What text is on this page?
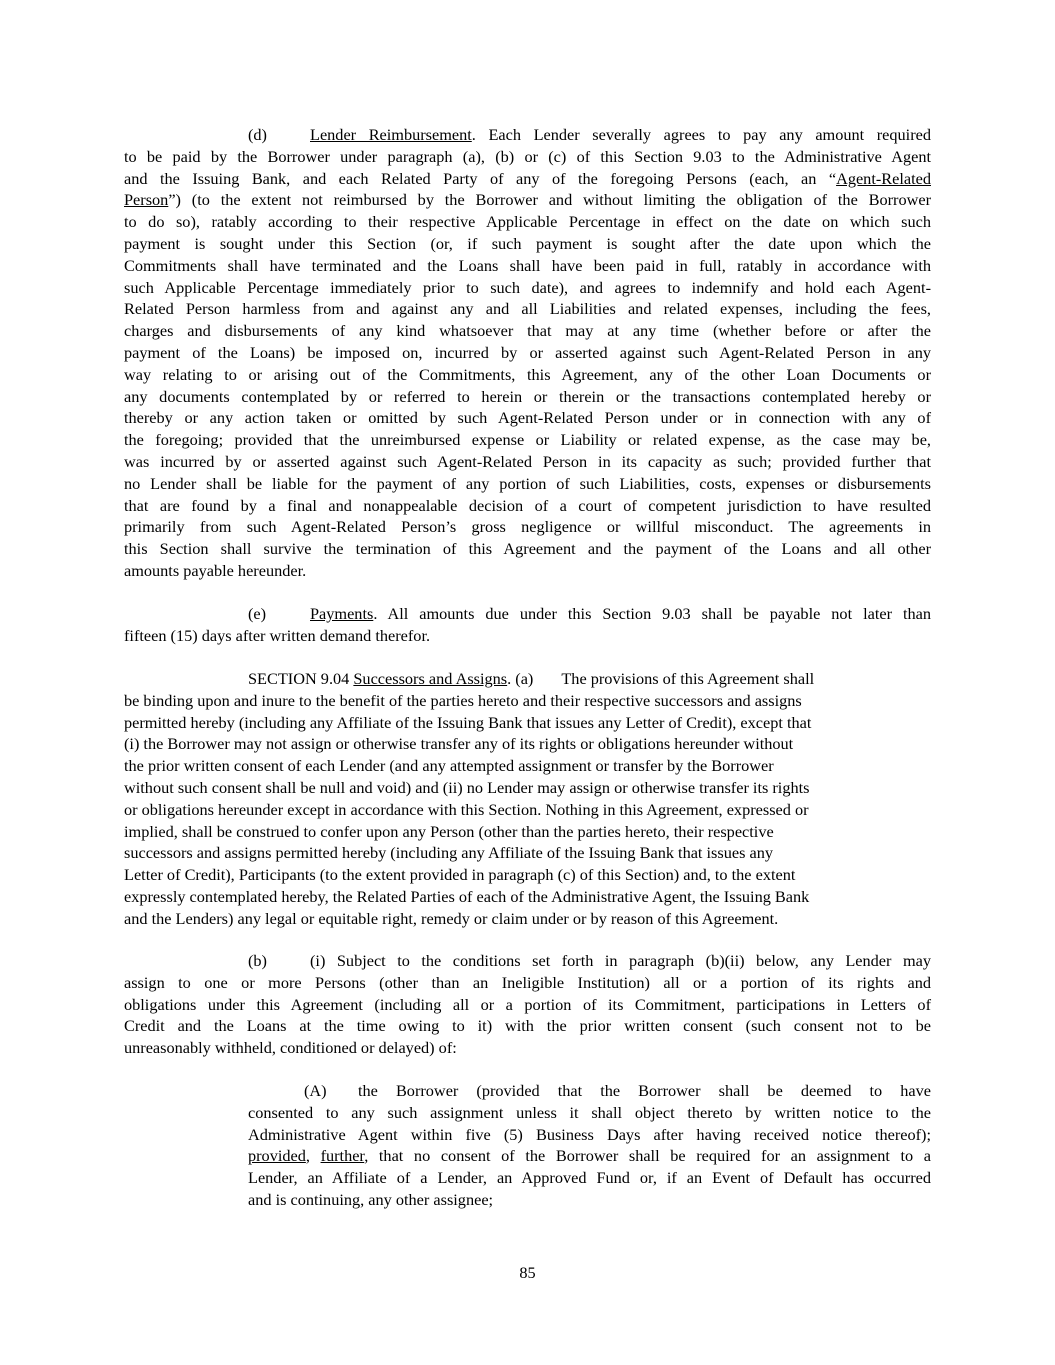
(d)	Lender Reimbursement. Each Lender severally agrees to pay any amount required
to be paid by the Borrower under paragraph (a), (b) or (c) of this Section 9.03 to the Administrative Agent
and the Issuing Bank, and each Related Party of any of the foregoing Persons (each, an “Agent-Related
Person”) (to the extent not reimbursed by the Borrower and without limiting the obligation of the Borrower
to do so), ratably according to their respective Applicable Percentage in effect on the date on which such
payment is sought under this Section (or, if such payment is sought after the date upon which the
Commitments shall have terminated and the Loans shall have been paid in full, ratably in accordance with
such Applicable Percentage immediately prior to such date), and agrees to indemnify and hold each Agent-
Related Person harmless from and against any and all Liabilities and related expenses, including the fees,
charges and disbursements of any kind whatsoever that may at any time (whether before or after the
payment of the Loans) be imposed on, incurred by or asserted against such Agent-Related Person in any
way relating to or arising out of the Commitments, this Agreement, any of the other Loan Documents or
any documents contemplated by or referred to herein or therein or the transactions contemplated hereby or
thereby or any action taken or omitted by such Agent-Related Person under or in connection with any of
the foregoing; provided that the unreimbursed expense or Liability or related expense, as the case may be,
was incurred by or asserted against such Agent-Related Person in its capacity as such; provided further that
no Lender shall be liable for the payment of any portion of such Liabilities, costs, expenses or disbursements
that are found by a final and nonappealable decision of a court of competent jurisdiction to have resulted
primarily from such Agent-Related Person’s gross negligence or willful misconduct. The agreements in
this Section shall survive the termination of this Agreement and the payment of the Loans and all other
amounts payable hereunder.
(e)	Payments. All amounts due under this Section 9.03 shall be payable not later than
fifteen (15) days after written demand therefor.
SECTION 9.04 Successors and Assigns. (a) The provisions of this Agreement shall
be binding upon and inure to the benefit of the parties hereto and their respective successors and assigns
permitted hereby (including any Affiliate of the Issuing Bank that issues any Letter of Credit), except that
(i) the Borrower may not assign or otherwise transfer any of its rights or obligations hereunder without
the prior written consent of each Lender (and any attempted assignment or transfer by the Borrower
without such consent shall be null and void) and (ii) no Lender may assign or otherwise transfer its rights
or obligations hereunder except in accordance with this Section. Nothing in this Agreement, expressed or
implied, shall be construed to confer upon any Person (other than the parties hereto, their respective
successors and assigns permitted hereby (including any Affiliate of the Issuing Bank that issues any
Letter of Credit), Participants (to the extent provided in paragraph (c) of this Section) and, to the extent
expressly contemplated hereby, the Related Parties of each of the Administrative Agent, the Issuing Bank
and the Lenders) any legal or equitable right, remedy or claim under or by reason of this Agreement.
(b)	(i) Subject to the conditions set forth in paragraph (b)(ii) below, any Lender may
assign to one or more Persons (other than an Ineligible Institution) all or a portion of its rights and
obligations under this Agreement (including all or a portion of its Commitment, participations in Letters of
Credit and the Loans at the time owing to it) with the prior written consent (such consent not to be
unreasonably withheld, conditioned or delayed) of:
(A) the Borrower (provided that the Borrower shall be deemed to have
consented to any such assignment unless it shall object thereto by written notice to the
Administrative Agent within five (5) Business Days after having received notice thereof);
provided, further, that no consent of the Borrower shall be required for an assignment to a
Lender, an Affiliate of a Lender, an Approved Fund or, if an Event of Default has occurred
and is continuing, any other assignee;
85
